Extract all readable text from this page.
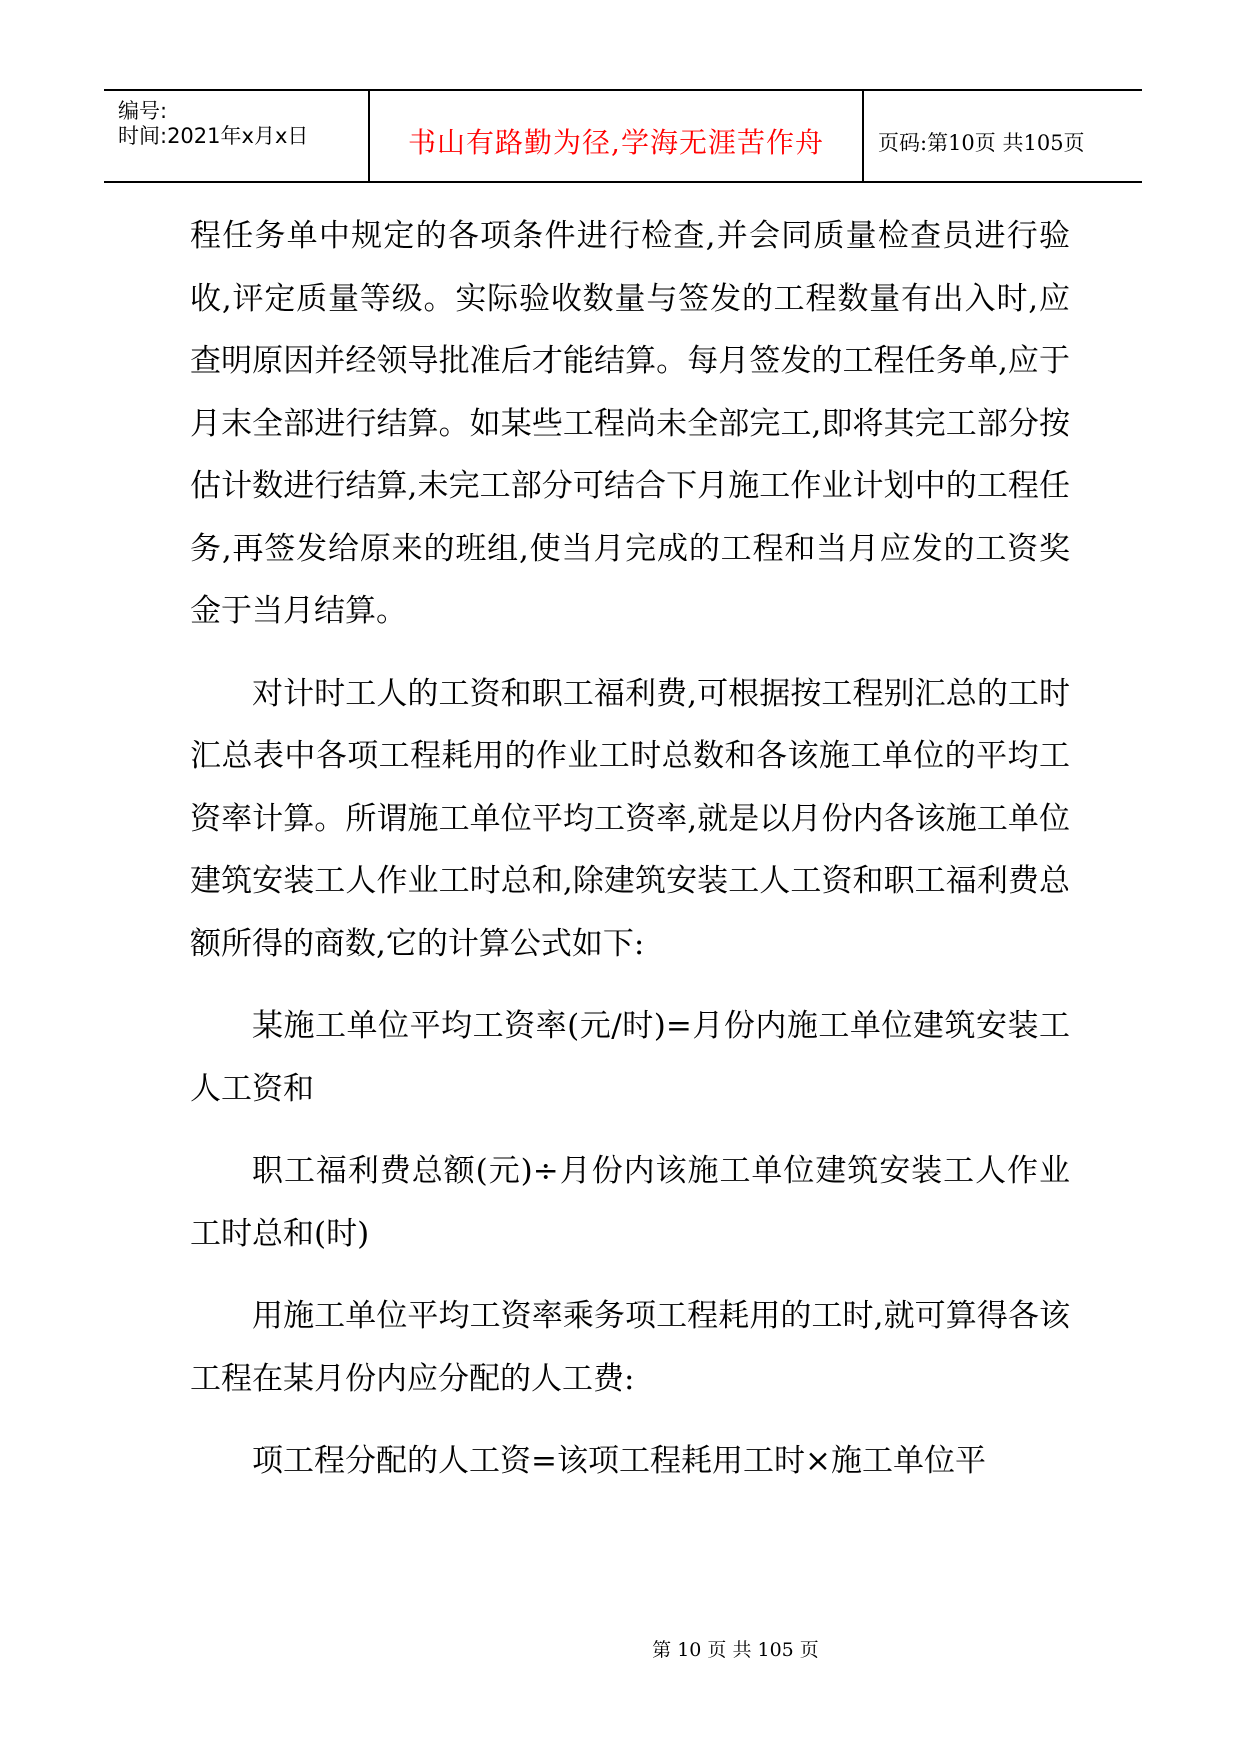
编号:
时间:2021年x月x日	书山有路勤为径,学海无涯苦作舟	页码:第10页 共105页

程任务单中规定的各项条件进行检查,并会同质量检查员进行验收,评定质量等级。实际验收数量与签发的工程数量有出入时,应查明原因并经领导批准后才能结算。每月签发的工程任务单,应于月末全部进行结算。如某些工程尚未全部完工,即将其完工部分按估计数进行结算,未完工部分可结合下月施工作业计划中的工程任务,再签发给原来的班组,使当月完成的工程和当月应发的工资奖金于当月结算。

对计时工人的工资和职工福利费,可根据按工程别汇总的工时汇总表中各项工程耗用的作业工时总数和各该施工单位的平均工资率计算。所谓施工单位平均工资率,就是以月份内各该施工单位建筑安装工人作业工时总和,除建筑安装工人工资和职工福利费总额所得的商数,它的计算公式如下:

某施工单位平均工资率(元/时)=月份内施工单位建筑安装工人工资和

职工福利费总额(元)÷月份内该施工单位建筑安装工人作业工时总和(时)

用施工单位平均工资率乘务项工程耗用的工时,就可算得各该工程在某月份内应分配的人工费:

项工程分配的人工资=该项工程耗用工时×施工单位平

第 10 页 共 105 页
